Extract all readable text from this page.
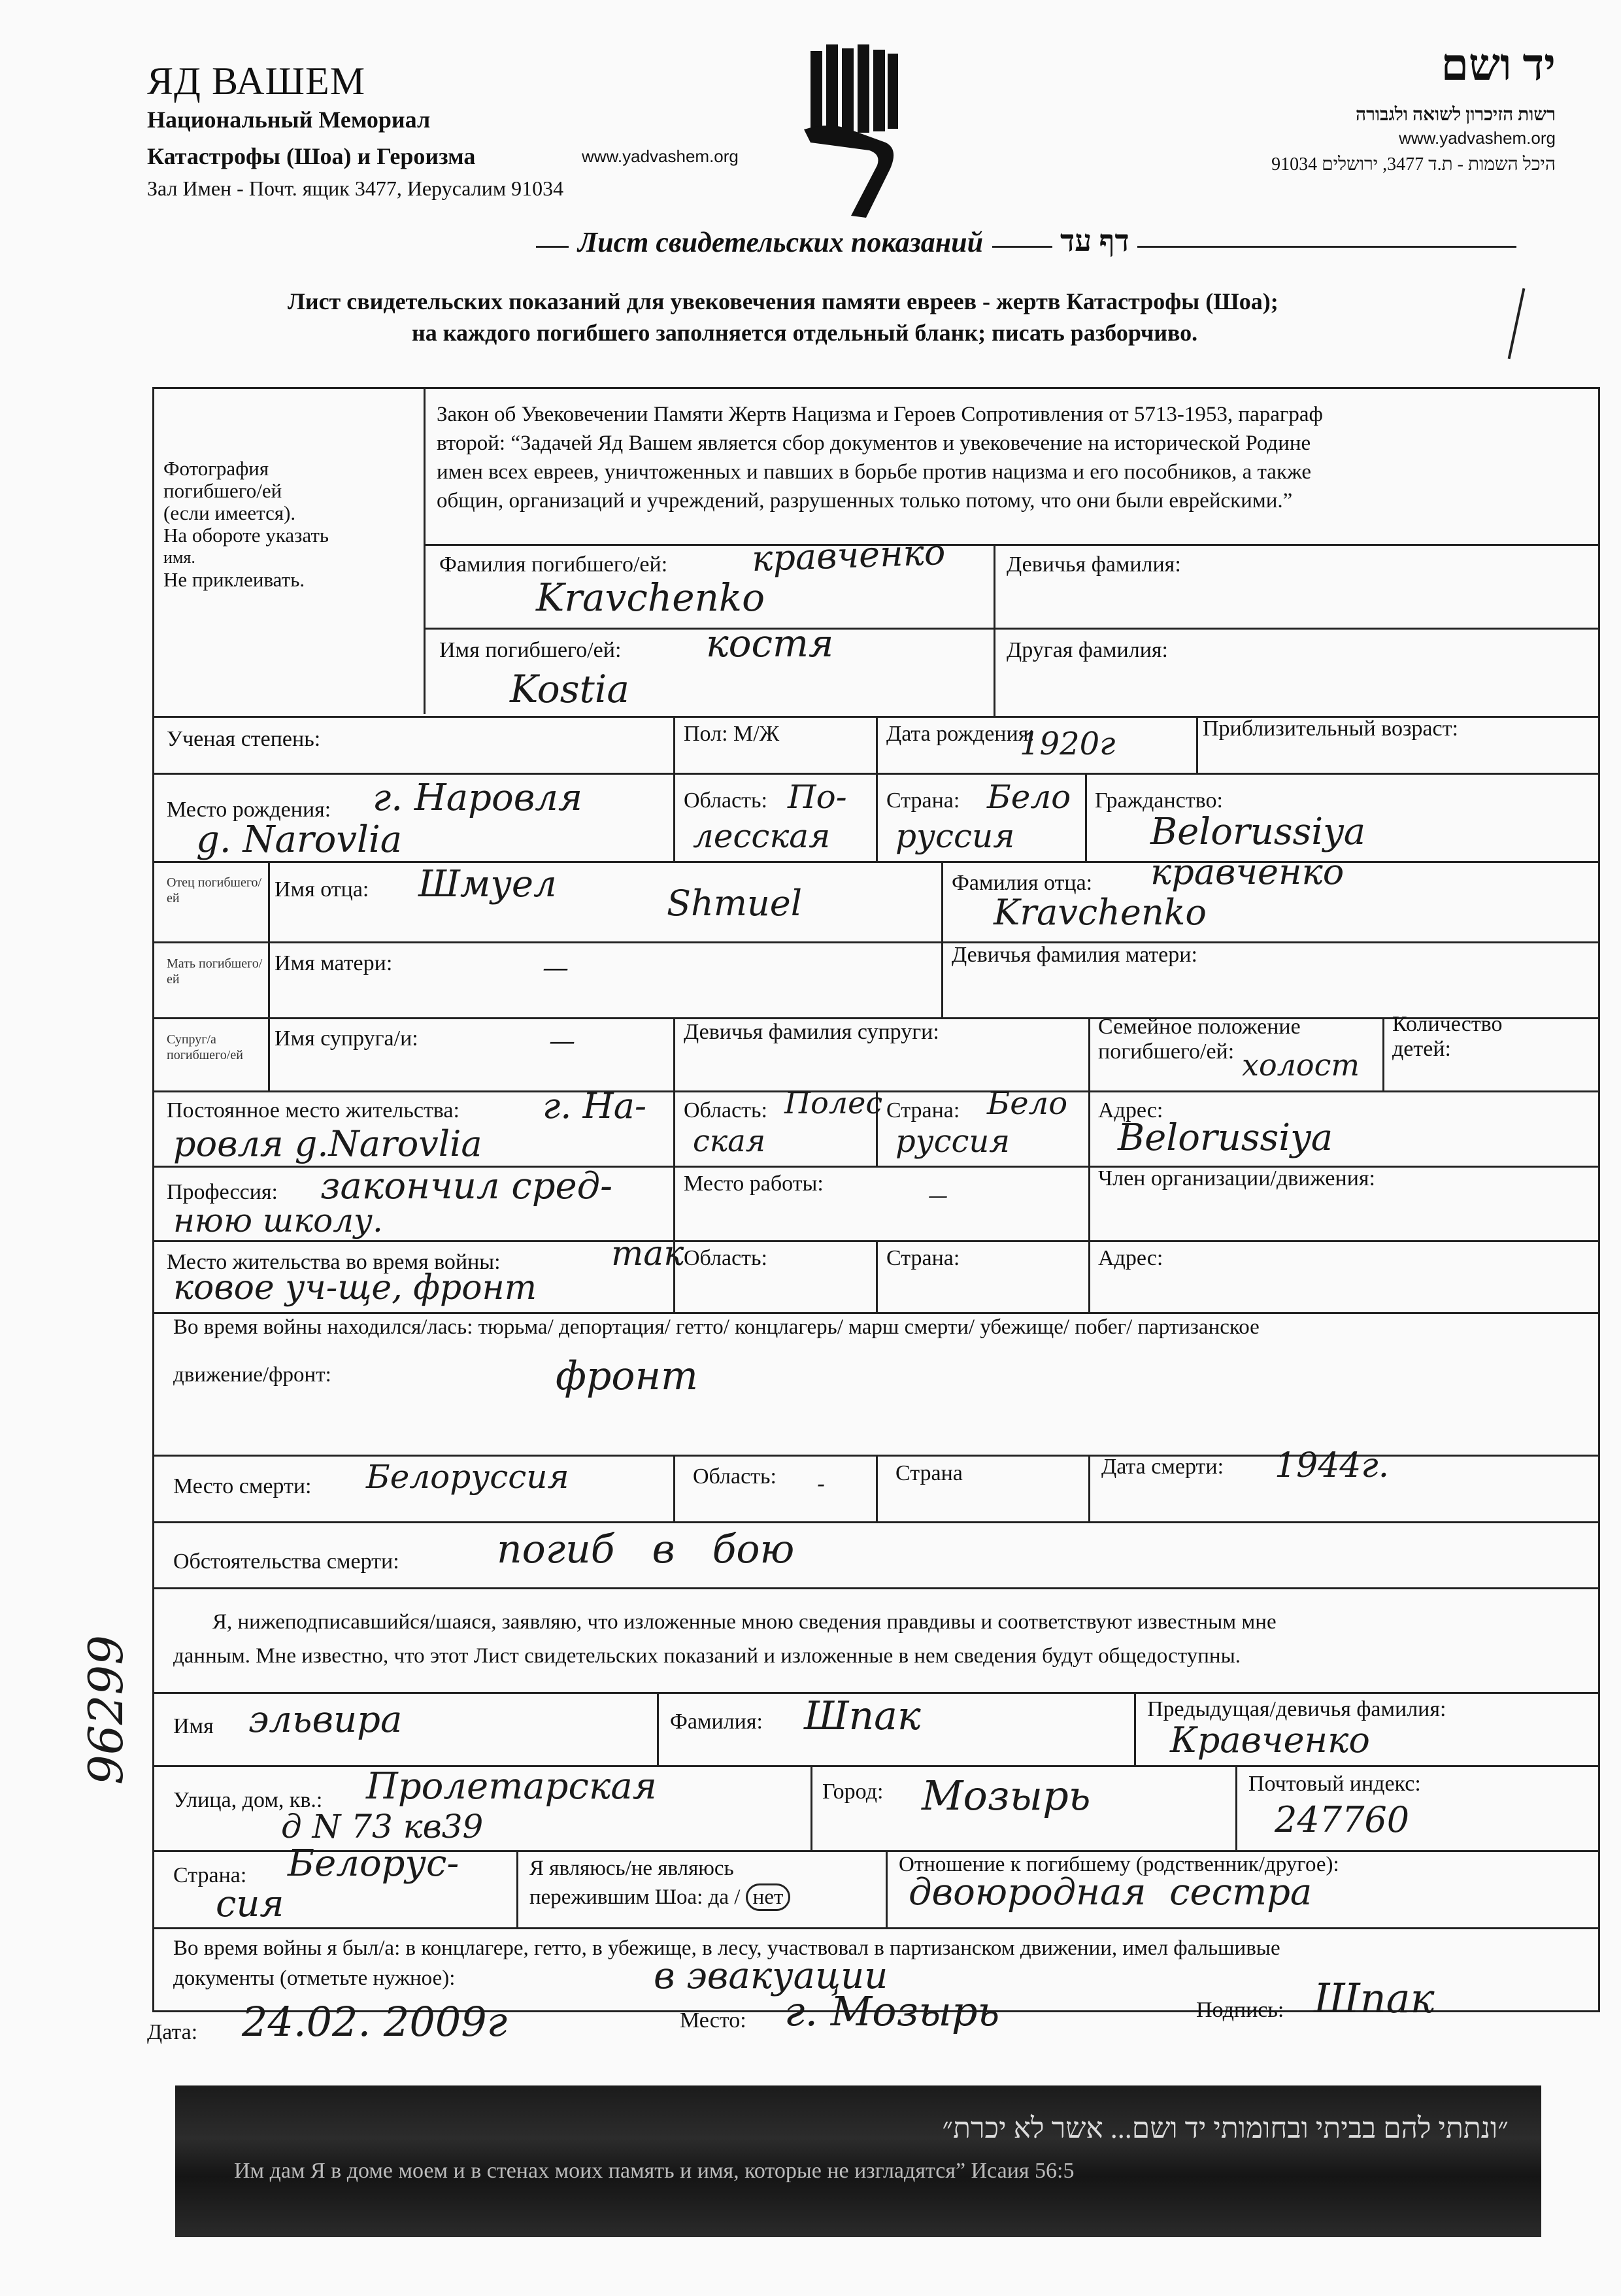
ЯД ВАШЕМ
Национальный Мемориал
Катастрофы (Шоа) и Героизма	www.yadvashem.org
Зал Имен - Почт. ящик 3477, Иерусалим 91034
יד ושם
רשות הזיכרון לשואה ולגבורה
www.yadvashem.org
היכל השמות - ת.ד 3477, ירושלים 91034
Лист свидетельских показаний	דף עד
Лист свидетельских показаний для увековечения памяти евреев - жертв Катастрофы (Шоа);
на каждого погибшего заполняется отдельный бланк; писать разборчиво.
Фотография
погибшего/ей
(если имеется).
На обороте указать
имя.
Не приклеивать.
Закон об Увековечении Памяти Жертв Нацизма и Героев Сопротивления от 5713-1953, параграф
второй: “Задачей Яд Вашем является сбор документов и увековечение на исторической Родине
имен всех евреев, уничтоженных и павших в борьбе против нацизма и его пособников, а также
общин, организаций и учреждений, разрушенных только потому, что они были еврейскими.”
Фамилия погибшего/ей: кравченко
Kravchenko
Девичья фамилия:
Имя погибшего/ей: костя
Kostia
Другая фамилия:
Ученая степень:	Пол: М/Ж	Дата рождения:
1920г	Приблизительный возраст:
Место рождения: г. Наровля
g. Narovlia
Область: По-
лесская
Страна: Бело
руссия
Гражданство:
Belorussiya
Отец погибшего/ей	Имя отца: Шмуел	Shmuel	Фамилия отца: кравченко
Kravchenko
Мать погибшего/ей
Имя матери:	—	Девичья фамилия матери:
Супруг/а погибшего/ей
Имя супруга/и:	—	Девичья фамилия супруги:	Семейное положение
погибшего/ей: холост
Количество
детей:
Постоянное место жительства: г. На-
ровля g.Narovlia
Область: Полес
ская
Страна: Бело
руссия
Адрес:
Belorussiya
Профессия: закончил сред-
нюю школу.
Место работы:
—
Член организации/движения:
Место жительства во время войны:	так
ковое уч-ще, фронт
Область:	Страна:	Адрес:
Во время войны находился/лась: тюрьма/ депортация/ гетто/ концлагерь/ марш смерти/ убежище/ побег/ партизанское
движение/фронт:	фронт
Место смерти: Белоруссия	Область: -	Страна	Дата смерти: 1944г.
Обстоятельства смерти: погиб   в   бою
Я, нижеподписавшийся/шаяся, заявляю, что изложенные мною сведения правдивы и соответствуют известным мне
данным. Мне известно, что этот Лист свидетельских показаний и изложенные в нем сведения будут общедоступны.
Имя эльвира	Фамилия: Шпак	Предыдущая/девичья фамилия:
Кравченко
Улица, дом, кв.: Пролетарская
д N 73 кв39
Город: Мозырь	Почтовый индекс:
247760
Страна: Белорус-
сия
Я являюсь/не являюсь
пережившим Шоа: да / нет
Отношение к погибшему (родственник/другое):
двоюродная  сестра
Во время войны я был/а: в концлагере, гетто, в убежище, в лесу, участвовал в партизанском движении, имел фальшивые
документы (отметьте нужное):	в эвакуации
Дата: 24.02. 2009г	Место: г. Мозырь	Подпись: Шпак
96299
״ונתתי להם בביתי ובחומותי יד ושם... אשר לא יכרת״
Им дам Я в доме моем и в стенах моих память и имя, которые не изгладятся” Исаия 56:5
